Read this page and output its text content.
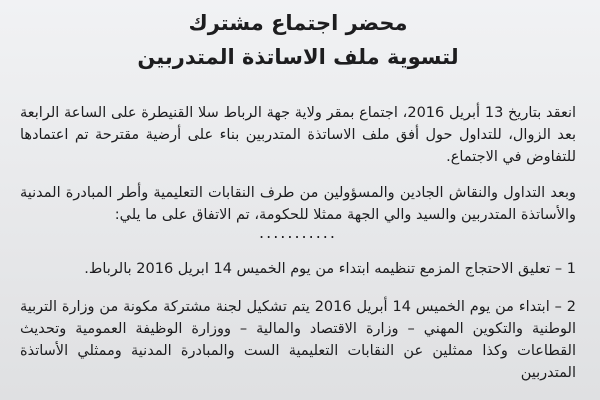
محضر اجتماع مشترك
لتسوية ملف الاساتذة المتدربين

انعقد بتاريخ 13 أبريل 2016، اجتماع بمقر ولاية جهة الرباط سلا القنيطرة على الساعة الرابعة بعد الزوال، للتداول حول أفق ملف الاساتذة المتدربين بناء على أرضية مقترحة تم اعتمادها للتفاوض في الاجتماع.

وبعد التداول والنقاش الجادين والمسؤولين من طرف النقابات التعليمية وأطر المبادرة المدنية والأساتذة المتدربين والسيد والي الجهة ممثلا للحكومة، تم الاتفاق على ما يلي:

...........

1 – تعليق الاحتجاج المزمع تنظيمه ابتداء من يوم الخميس 14 ابريل 2016 بالرباط.

2 – ابتداء من يوم الخميس 14 أبريل 2016 يتم تشكيل لجنة مشتركة مكونة من وزارة التربية الوطنية والتكوين المهني – وزارة الاقتصاد والمالية – ووزارة الوظيفة العمومية وتحديث القطاعات وكذا ممثلين عن النقابات التعليمية الست والمبادرة المدنية وممثلي الأساتذة المتدربين
